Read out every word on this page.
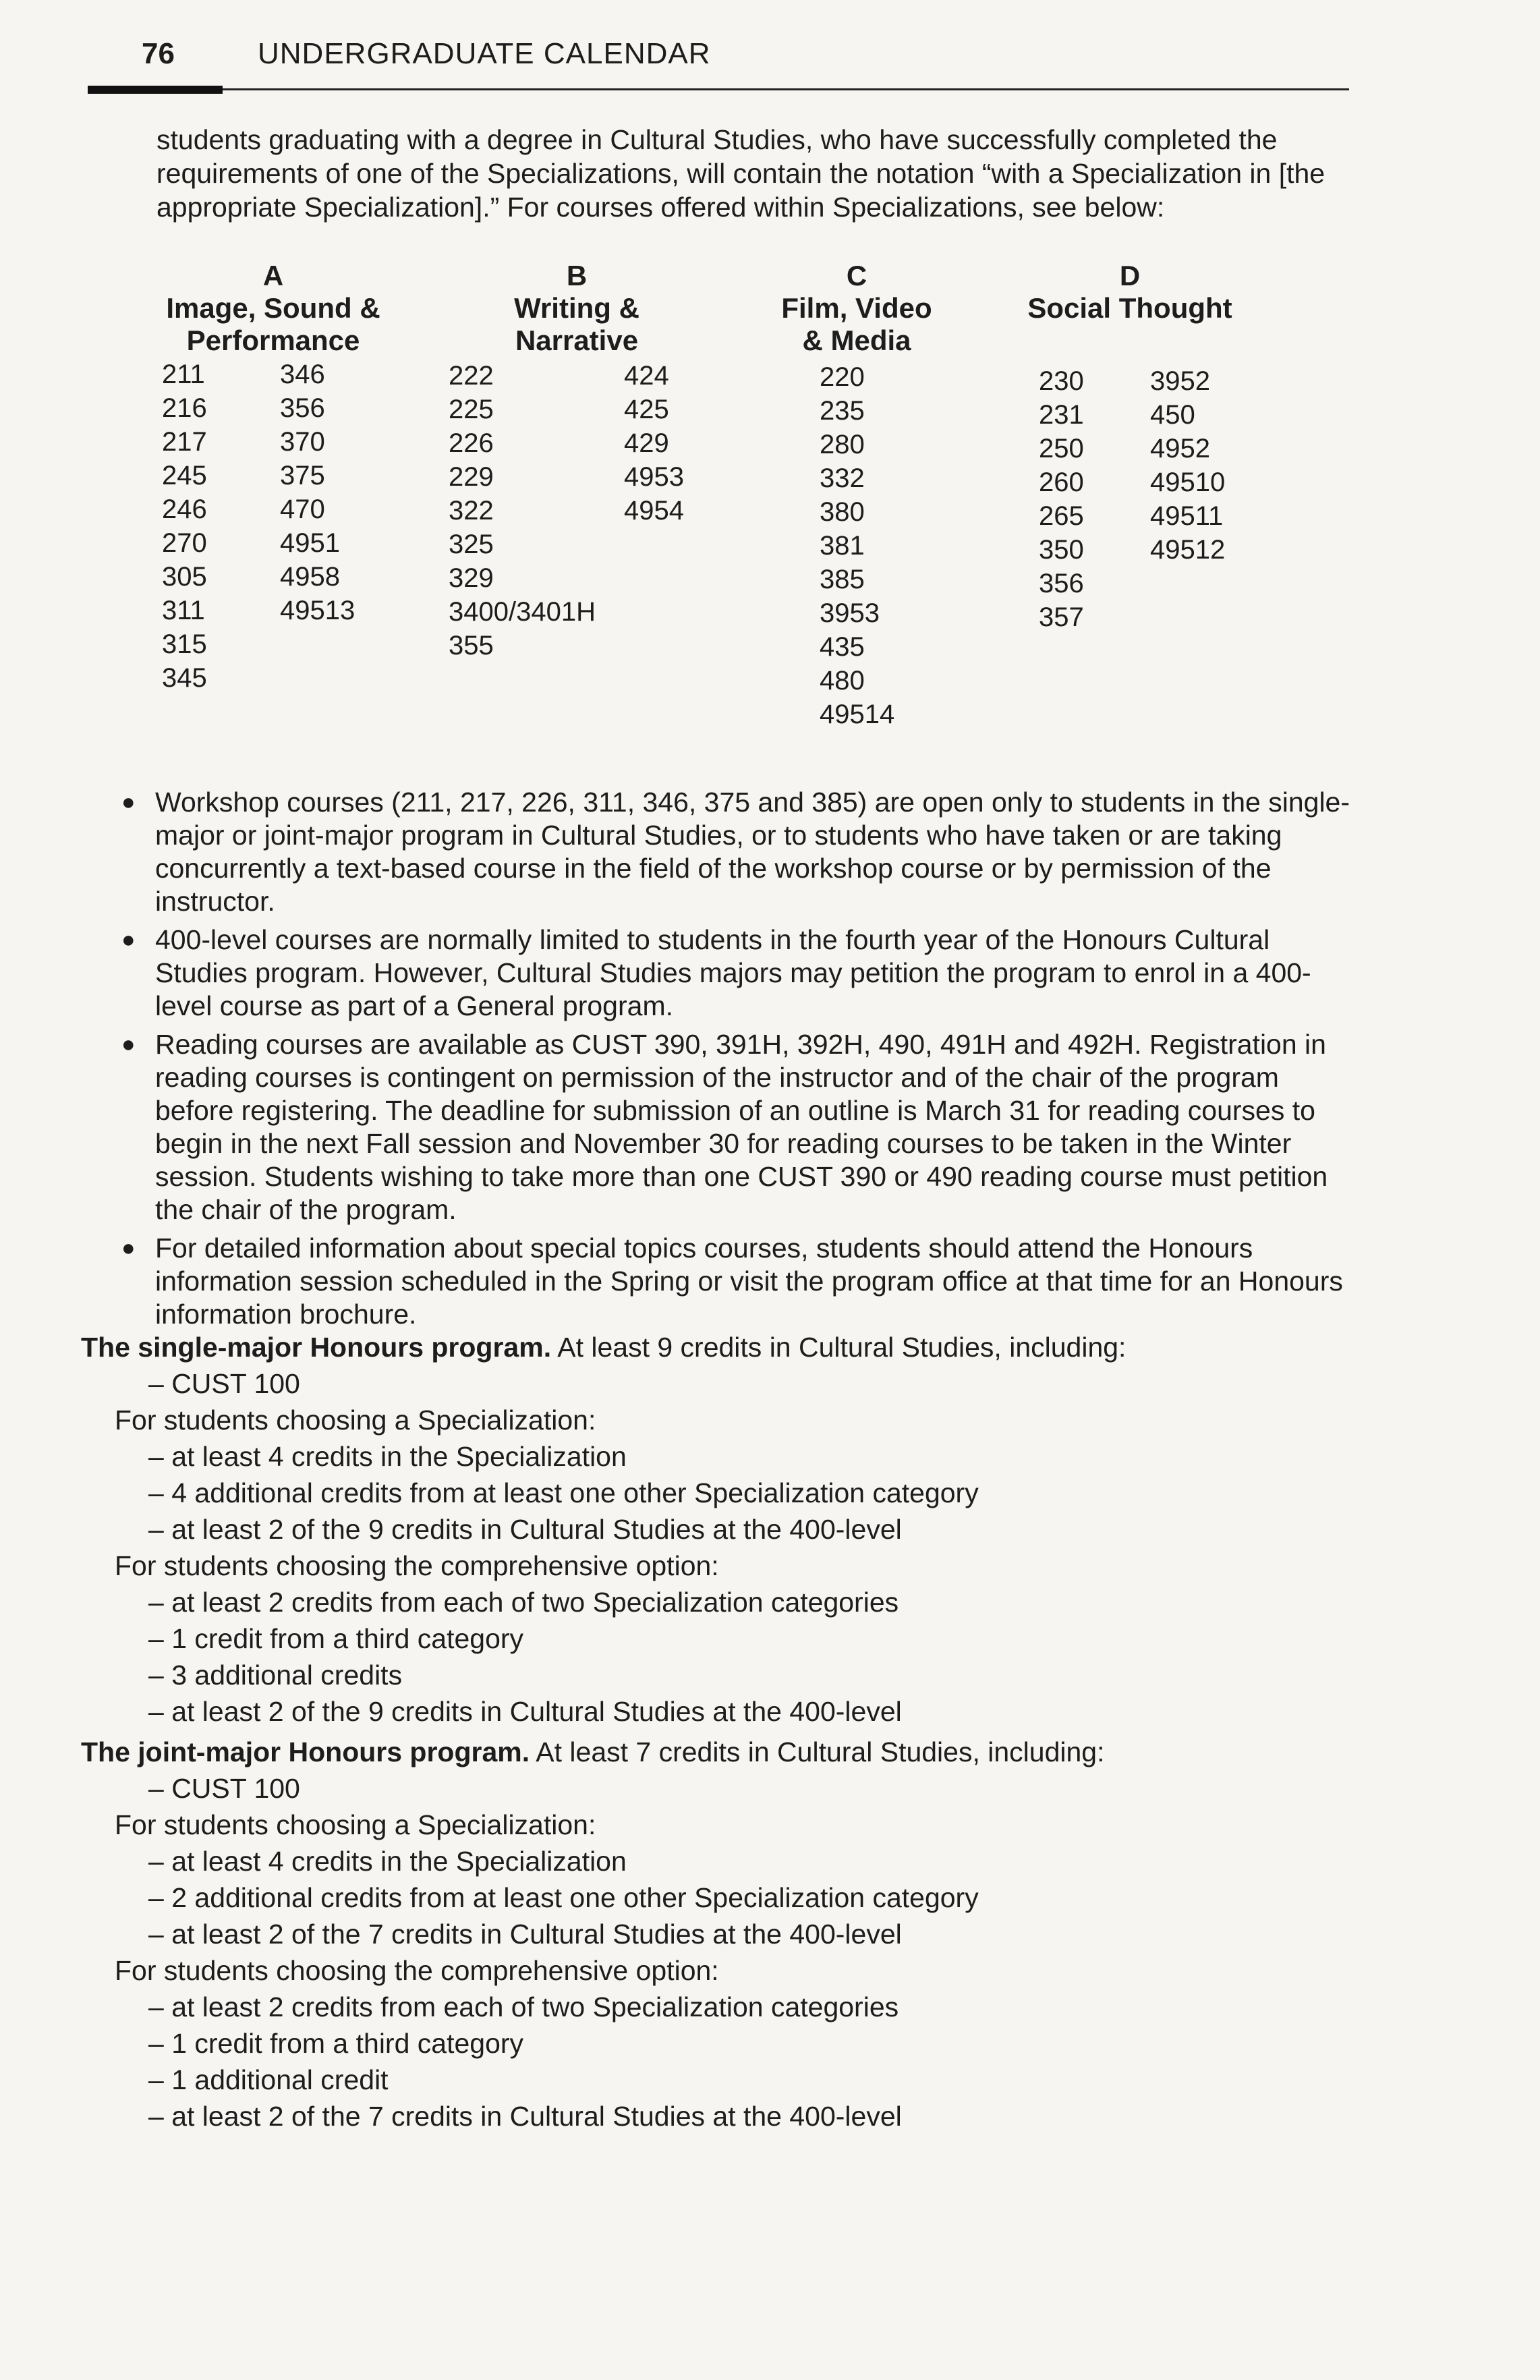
76	UNDERGRADUATE CALENDAR

students graduating with a degree in Cultural Studies, who have successfully completed the requirements of one of the Specializations, will contain the notation “with a Specialization in [the appropriate Specialization].” For courses offered within Specializations, see below:

A
Image, Sound &
Performance
B
Writing &
Narrative
C
Film, Video
& Media
D
Social Thought
211
216
217
245
246
270
305
311
315
345
346
356
370
375
470
4951
4958
49513
222
225
226
229
322
325
329
3400/3401H
355
424
425
429
4953
4954
220
235
280
332
380
381
385
3953
435
480
49514
230
231
250
260
265
350
356
357
3952
450
4952
49510
49511
49512
● Workshop courses (211, 217, 226, 311, 346, 375 and 385) are open only to students in the single-major or joint-major program in Cultural Studies, or to students who have taken or are taking concurrently a text-based course in the field of the workshop course or by permission of the instructor.
● 400-level courses are normally limited to students in the fourth year of the Honours Cultural Studies program. However, Cultural Studies majors may petition the program to enrol in a 400-level course as part of a General program.
● Reading courses are available as CUST 390, 391H, 392H, 490, 491H and 492H. Registration in reading courses is contingent on permission of the instructor and of the chair of the program before registering. The deadline for submission of an outline is March 31 for reading courses to begin in the next Fall session and November 30 for reading courses to be taken in the Winter session. Students wishing to take more than one CUST 390 or 490 reading course must petition the chair of the program.
● For detailed information about special topics courses, students should attend the Honours information session scheduled in the Spring or visit the program office at that time for an Honours information brochure.
The single-major Honours program. At least 9 credits in Cultural Studies, including:
– CUST 100
For students choosing a Specialization:
– at least 4 credits in the Specialization
– 4 additional credits from at least one other Specialization category
– at least 2 of the 9 credits in Cultural Studies at the 400-level
For students choosing the comprehensive option:
– at least 2 credits from each of two Specialization categories
– 1 credit from a third category
– 3 additional credits
– at least 2 of the 9 credits in Cultural Studies at the 400-level
The joint-major Honours program. At least 7 credits in Cultural Studies, including:
– CUST 100
For students choosing a Specialization:
– at least 4 credits in the Specialization
– 2 additional credits from at least one other Specialization category
– at least 2 of the 7 credits in Cultural Studies at the 400-level
For students choosing the comprehensive option:
– at least 2 credits from each of two Specialization categories
– 1 credit from a third category
– 1 additional credit
– at least 2 of the 7 credits in Cultural Studies at the 400-level
